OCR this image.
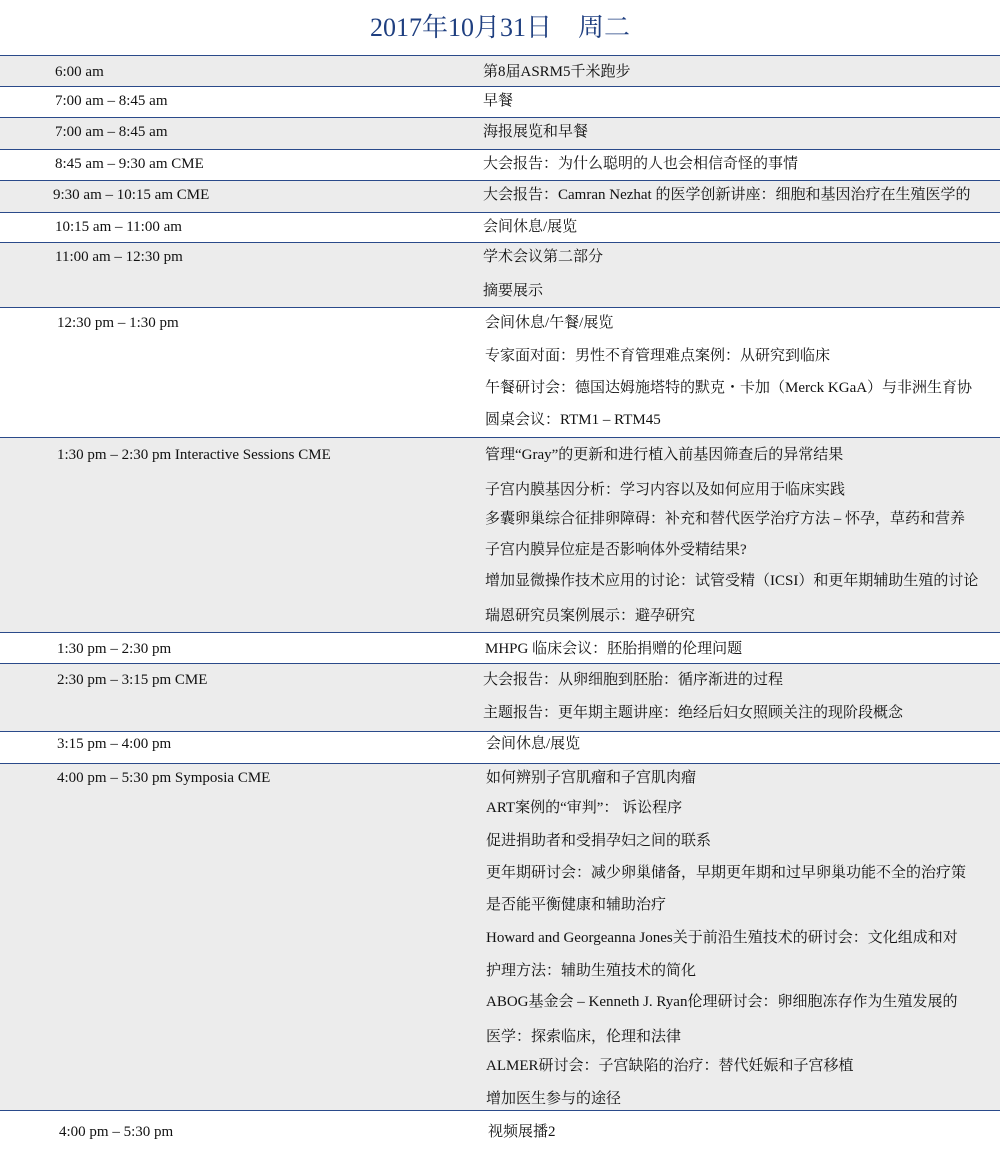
2017年10月31日　周二
6:00 am	第8届ASRM5千米跑步
7:00 am – 8:45 am	早餐
7:00 am – 8:45 am	海报展览和早餐
8:45 am – 9:30 am CME	大会报告：为什么聪明的人也会相信奇怪的事情
9:30 am – 10:15 am CME	大会报告：Camran Nezhat 的医学创新讲座：细胞和基因治疗在生殖医学的
10:15 am – 11:00 am	会间休息/展览
11:00 am – 12:30 pm	学术会议第二部分
摘要展示
12:30 pm – 1:30 pm	会间休息/午餐/展览
专家面对面：男性不育管理难点案例：从研究到临床
午餐研讨会：德国达姆施塔特的默克・卡加（Merck KGaA）与非洲生育协
圆桌会议：RTM1 – RTM45
1:30 pm – 2:30 pm Interactive Sessions CME	管理“Gray”的更新和进行植入前基因筛查后的异常结果
子宫内膜基因分析：学习内容以及如何应用于临床实践
多囊卵巢综合征排卵障碍：补充和替代医学治疗方法 – 怀孕，草药和营养
子宫内膜异位症是否影响体外受精结果?
增加显微操作技术应用的讨论：试管受精（ICSI）和更年期辅助生殖的讨论
瑞恩研究员案例展示：避孕研究
1:30 pm – 2:30 pm	MHPG 临床会议：胚胎捐赠的伦理问题
2:30 pm – 3:15 pm CME	大会报告：从卵细胞到胚胎：循序渐进的过程
主题报告：更年期主题讲座：绝经后妇女照顾关注的现阶段概念
3:15 pm – 4:00 pm	会间休息/展览
4:00 pm – 5:30 pm Symposia CME	如何辨别子宫肌瘤和子宫肌肉瘤
ART案例的“审判”： 诉讼程序
促进捐助者和受捐孕妇之间的联系
更年期研讨会：减少卵巢储备，早期更年期和过早卵巢功能不全的治疗策
是否能平衡健康和辅助治疗
Howard and Georgeanna Jones关于前沿生殖技术的研讨会：文化组成和对
护理方法：辅助生殖技术的简化
ABOG基金会 – Kenneth J. Ryan伦理研讨会：卵细胞冻存作为生殖发展的
医学：探索临床，伦理和法律
ALMER研讨会：子宫缺陷的治疗：替代妊娠和子宫移植
增加医生参与的途径
4:00 pm – 5:30 pm	视频展播2
